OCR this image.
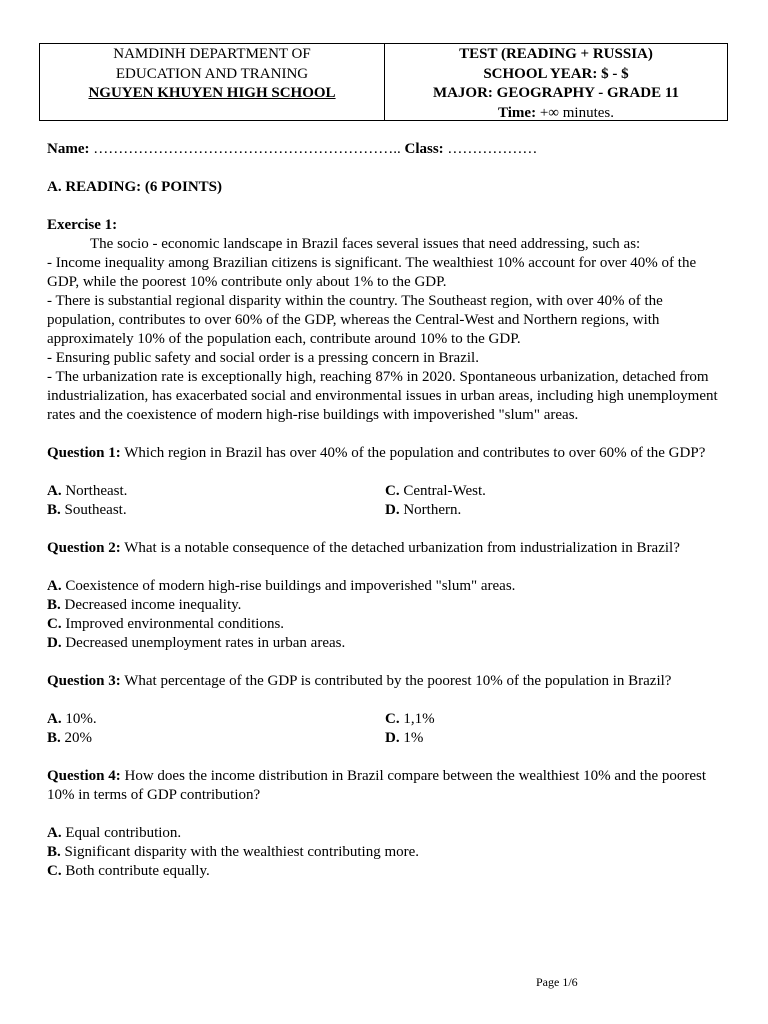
NAMDINH DEPARTMENT OF
EDUCATION AND TRANING
NGUYEN KHUYEN HIGH SCHOOL
TEST (READING + RUSSIA)
SCHOOL YEAR: $ - $
MAJOR: GEOGRAPHY - GRADE 11
Time: +∞ minutes.

Name: …………………………………………………….. Class: ………………

A. READING: (6 POINTS)

Exercise 1:

The socio - economic landscape in Brazil faces several issues that need addressing, such as:

- Income inequality among Brazilian citizens is significant. The wealthiest 10% account for over 40% of the GDP, while the poorest 10% contribute only about 1% to the GDP.

- There is substantial regional disparity within the country. The Southeast region, with over 40% of the population, contributes to over 60% of the GDP, whereas the Central-West and Northern regions, with approximately 10% of the population each, contribute around 10% to the GDP.

- Ensuring public safety and social order is a pressing concern in Brazil.

- The urbanization rate is exceptionally high, reaching 87% in 2020. Spontaneous urbanization, detached from industrialization, has exacerbated social and environmental issues in urban areas, including high unemployment rates and the coexistence of modern high-rise buildings with impoverished "slum" areas.

Question 1: Which region in Brazil has over 40% of the population and contributes to over 60% of the GDP?

A. Northeast.	C. Central-West.
B. Southeast.	D. Northern.

Question 2: What is a notable consequence of the detached urbanization from industrialization in Brazil?

A. Coexistence of modern high-rise buildings and impoverished "slum" areas.

B. Decreased income inequality.

C. Improved environmental conditions.

D. Decreased unemployment rates in urban areas.

Question 3: What percentage of the GDP is contributed by the poorest 10% of the population in Brazil?

A. 10%.	C. 1,1%
B. 20%	D. 1%

Question 4: How does the income distribution in Brazil compare between the wealthiest 10% and the poorest 10% in terms of GDP contribution?

A. Equal contribution.

B. Significant disparity with the wealthiest contributing more.

C. Both contribute equally.

Page 1/6
